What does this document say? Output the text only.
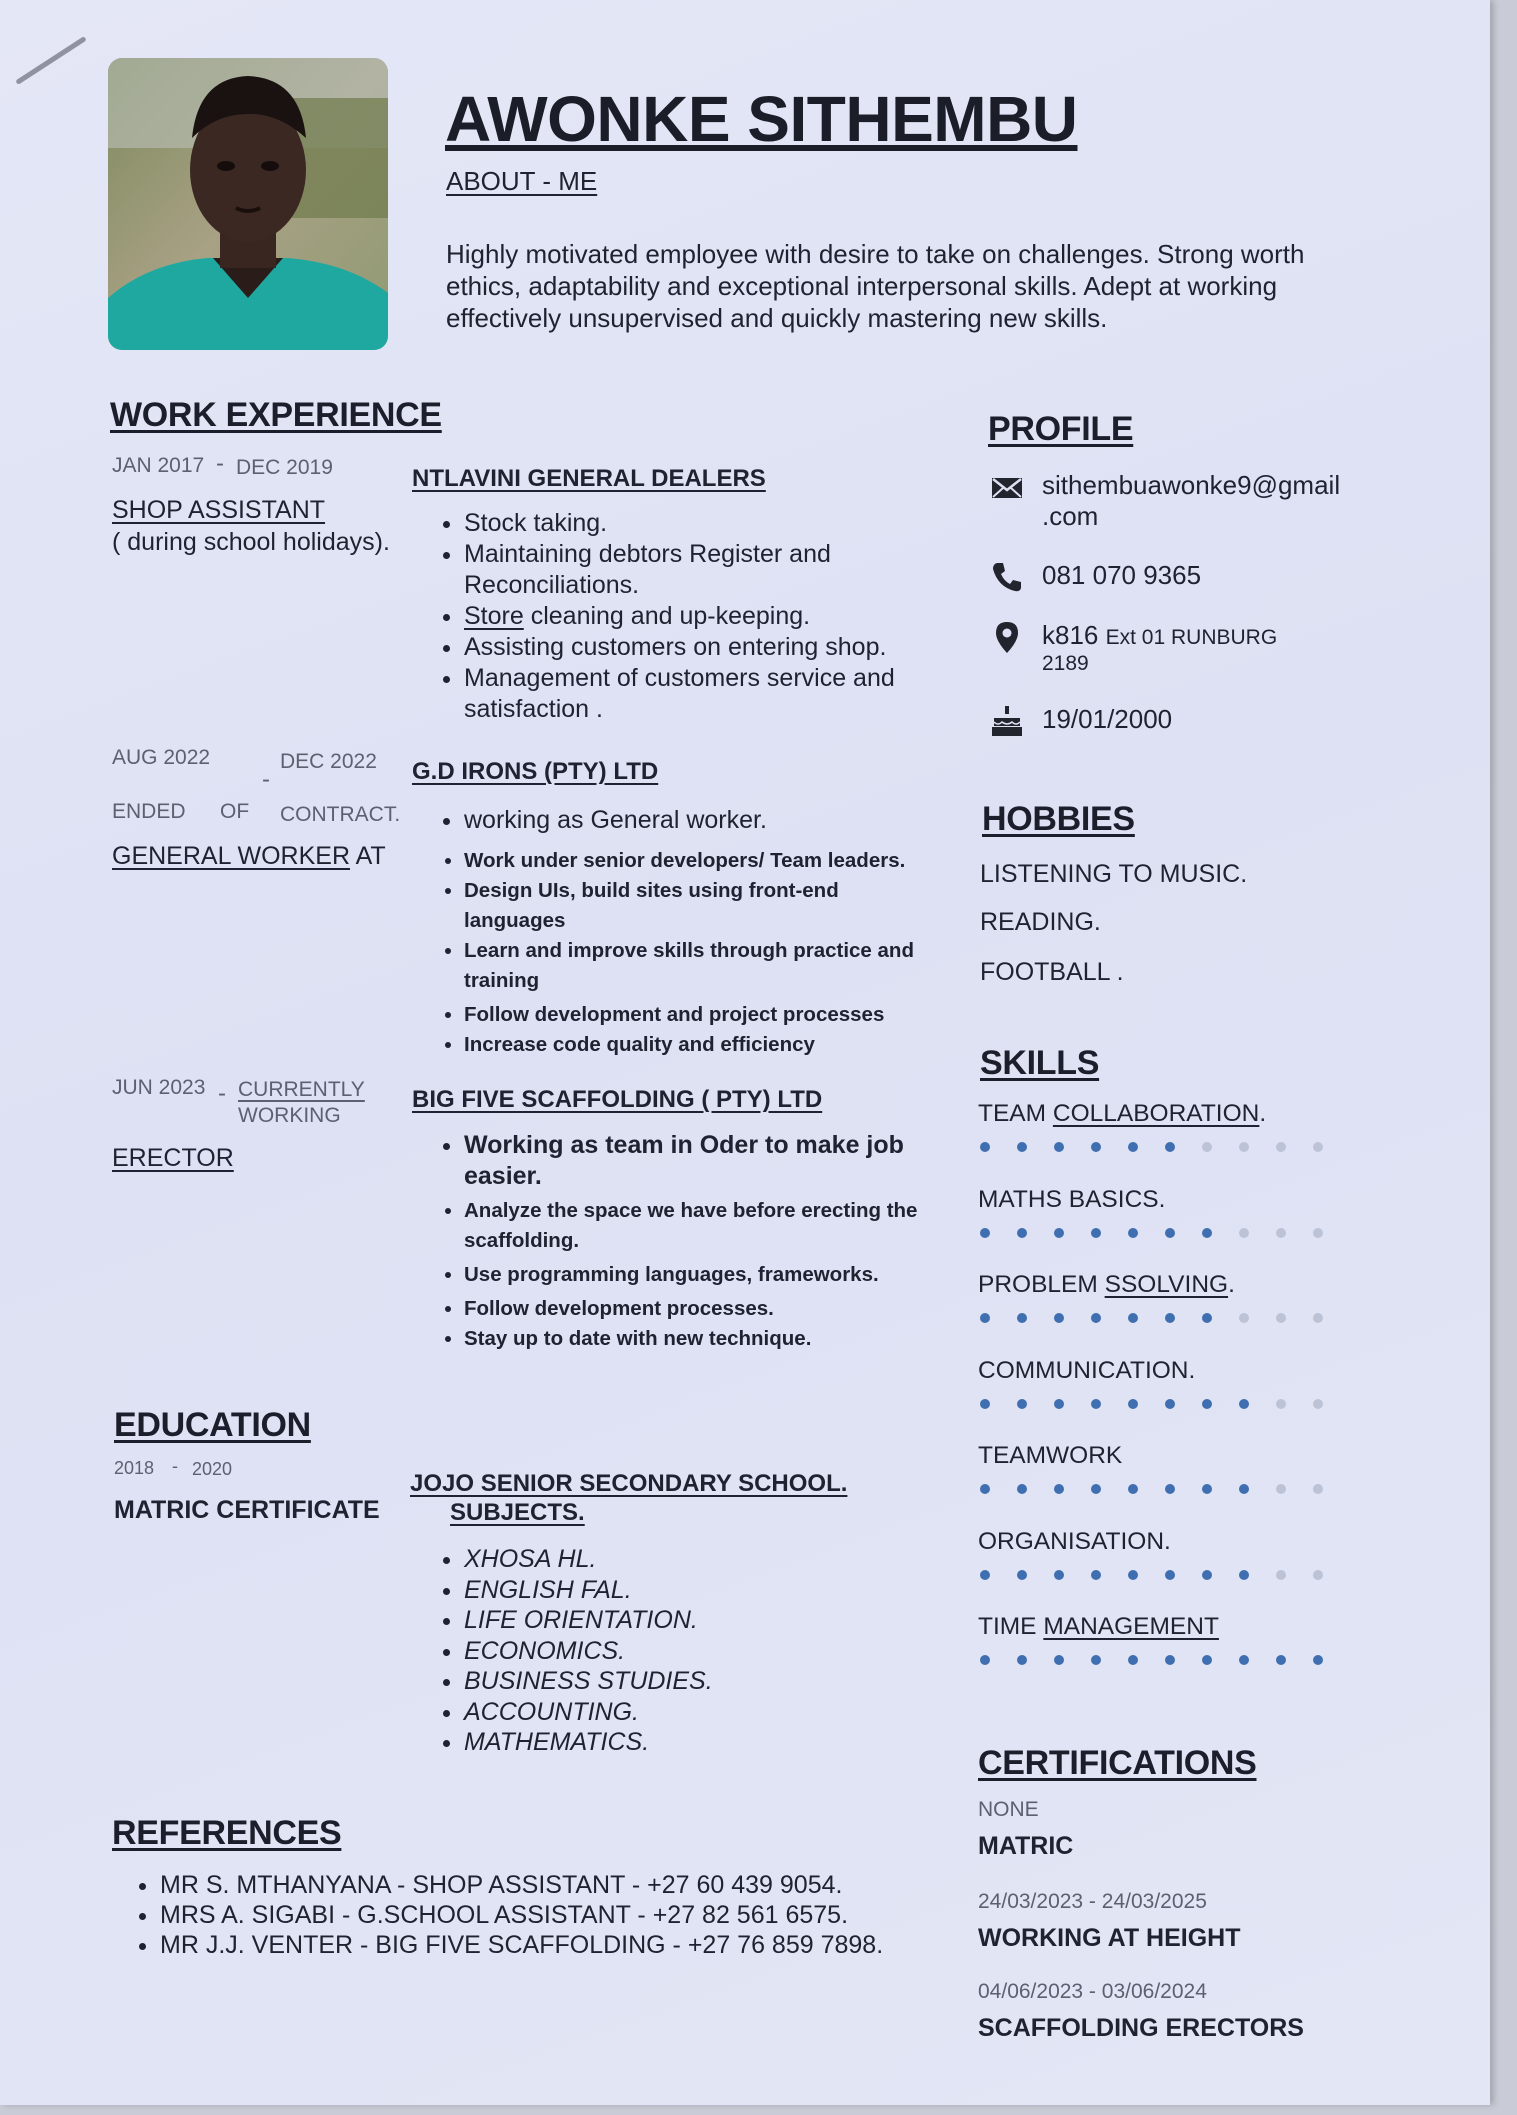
AWONKE SITHEMBU
ABOUT - ME
Highly motivated employee with desire to take on challenges. Strong worth ethics, adaptability and exceptional interpersonal skills. Adept at working effectively unsupervised and quickly mastering new skills.
WORK EXPERIENCE
JAN 2017 - DEC 2019
SHOP ASSISTANT
( during school holidays).
NTLAVINI GENERAL DEALERS
• Stock taking.
• Maintaining debtors Register and Reconciliations.
• Store cleaning and up-keeping.
• Assisting customers on entering shop.
• Management of customers service and satisfaction .
AUG 2022
-
DEC 2022
ENDED OF CONTRACT.
GENERAL WORKER AT
G.D IRONS (PTY) LTD
• working as General worker.
• Work under senior developers/ Team leaders.
• Design UIs, build sites using front-end languages
• Learn and improve skills through practice and training
• Follow development and project processes
• Increase code quality and efficiency
JUN 2023 - CURRENTLY
WORKING
ERECTOR
BIG FIVE SCAFFOLDING ( PTY) LTD
• Working as team in Oder to make job easier.
• Analyze the space we have before erecting the scaffolding.
• Use programming languages, frameworks.
• Follow development processes.
• Stay up to date with new technique.
EDUCATION
2018 - 2020
MATRIC CERTIFICATE
JOJO SENIOR SECONDARY SCHOOL.
SUBJECTS.
• XHOSA HL.
• ENGLISH FAL.
• LIFE ORIENTATION.
• ECONOMICS.
• BUSINESS STUDIES.
• ACCOUNTING.
• MATHEMATICS.
REFERENCES
• MR S. MTHANYANA - SHOP ASSISTANT - +27 60 439 9054.
• MRS A. SIGABI - G.SCHOOL ASSISTANT - +27 82 561 6575.
• MR J.J. VENTER - BIG FIVE SCAFFOLDING - +27 76 859 7898.
PROFILE
sithembuawonke9@gmail
.com
081 070 9365
k816 Ext 01 RUNBURG
2189
19/01/2000
HOBBIES
LISTENING TO MUSIC.
READING.
FOOTBALL .
SKILLS
TEAM COLLABORATION.
MATHS BASICS.
PROBLEM SSOLVING.
COMMUNICATION.
TEAMWORK
ORGANISATION.
TIME MANAGEMENT
CERTIFICATIONS
NONE
MATRIC
24/03/2023 - 24/03/2025
WORKING AT HEIGHT
04/06/2023 - 03/06/2024
SCAFFOLDING ERECTORS
